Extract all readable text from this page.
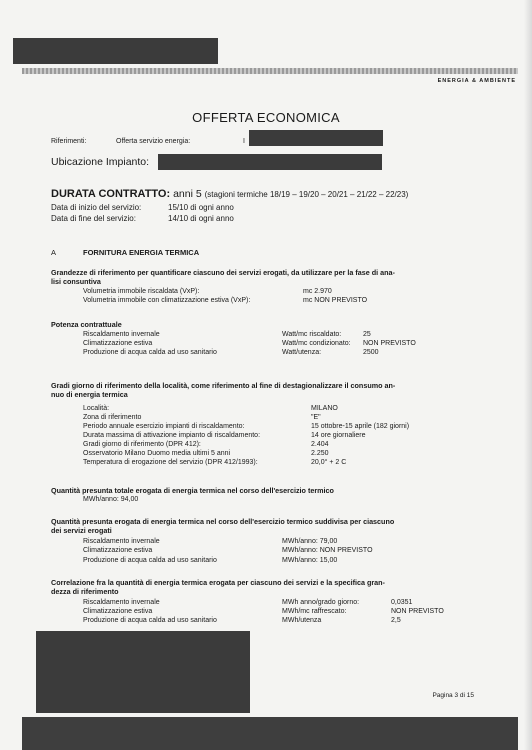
ENERGIA & AMBIENTE
OFFERTA ECONOMICA
Riferimenti:	Offerta servizio energia:	I
Ubicazione Impianto:
DURATA CONTRATTO: anni 5 (stagioni termiche 18/19 – 19/20 – 20/21 – 21/22 – 22/23)
Data di inizio del servizio:	15/10 di ogni anno
Data di fine del servizio:	14/10 di ogni anno
A	FORNITURA ENERGIA TERMICA
Grandezze di riferimento per quantificare ciascuno dei servizi erogati, da utilizzare per la fase di ana-
lisi consuntiva
Volumetria immobile riscaldata (VxP):	mc 2.970
Volumetria immobile con climatizzazione estiva (VxP):	mc NON PREVISTO
Potenza contrattuale
Riscaldamento invernale	Watt/mc riscaldato:	25
Climatizzazione estiva	Watt/mc condizionato: NON PREVISTO
Produzione di acqua calda ad uso sanitario	Watt/utenza:	2500
Gradi giorno di riferimento della località, come riferimento al fine di destagionalizzare il consumo an-
nuo di energia termica
Località:	MILANO
Zona di riferimento	"E"
Periodo annuale esercizio impianti di riscaldamento:	15 ottobre-15 aprile (182 giorni)
Durata massima di attivazione impianto di riscaldamento:	14 ore giornaliere
Gradi giorno di riferimento (DPR 412):	2.404
Osservatorio Milano Duomo media ultimi 5 anni	2.250
Temperatura di erogazione del servizio (DPR 412/1993):	20,0° + 2 C
Quantità presunta totale erogata di energia termica nel corso dell'esercizio termico
MWh/anno: 94,00
Quantità presunta erogata di energia termica nel corso dell'esercizio termico suddivisa per ciascuno
dei servizi erogati
Riscaldamento invernale	MWh/anno: 79,00
Climatizzazione estiva	MWh/anno: NON PREVISTO
Produzione di acqua calda ad uso sanitario	MWh/anno: 15,00
Correlazione fra la quantità di energia termica erogata per ciascuno dei servizi e la specifica gran-
dezza di riferimento
Riscaldamento invernale	MWh anno/grado giorno:	0,0351
Climatizzazione estiva	MWh/mc raffrescato:	NON PREVISTO
Produzione di acqua calda ad uso sanitario	MWh/utenza	2,5
Pagina 3 di 15
